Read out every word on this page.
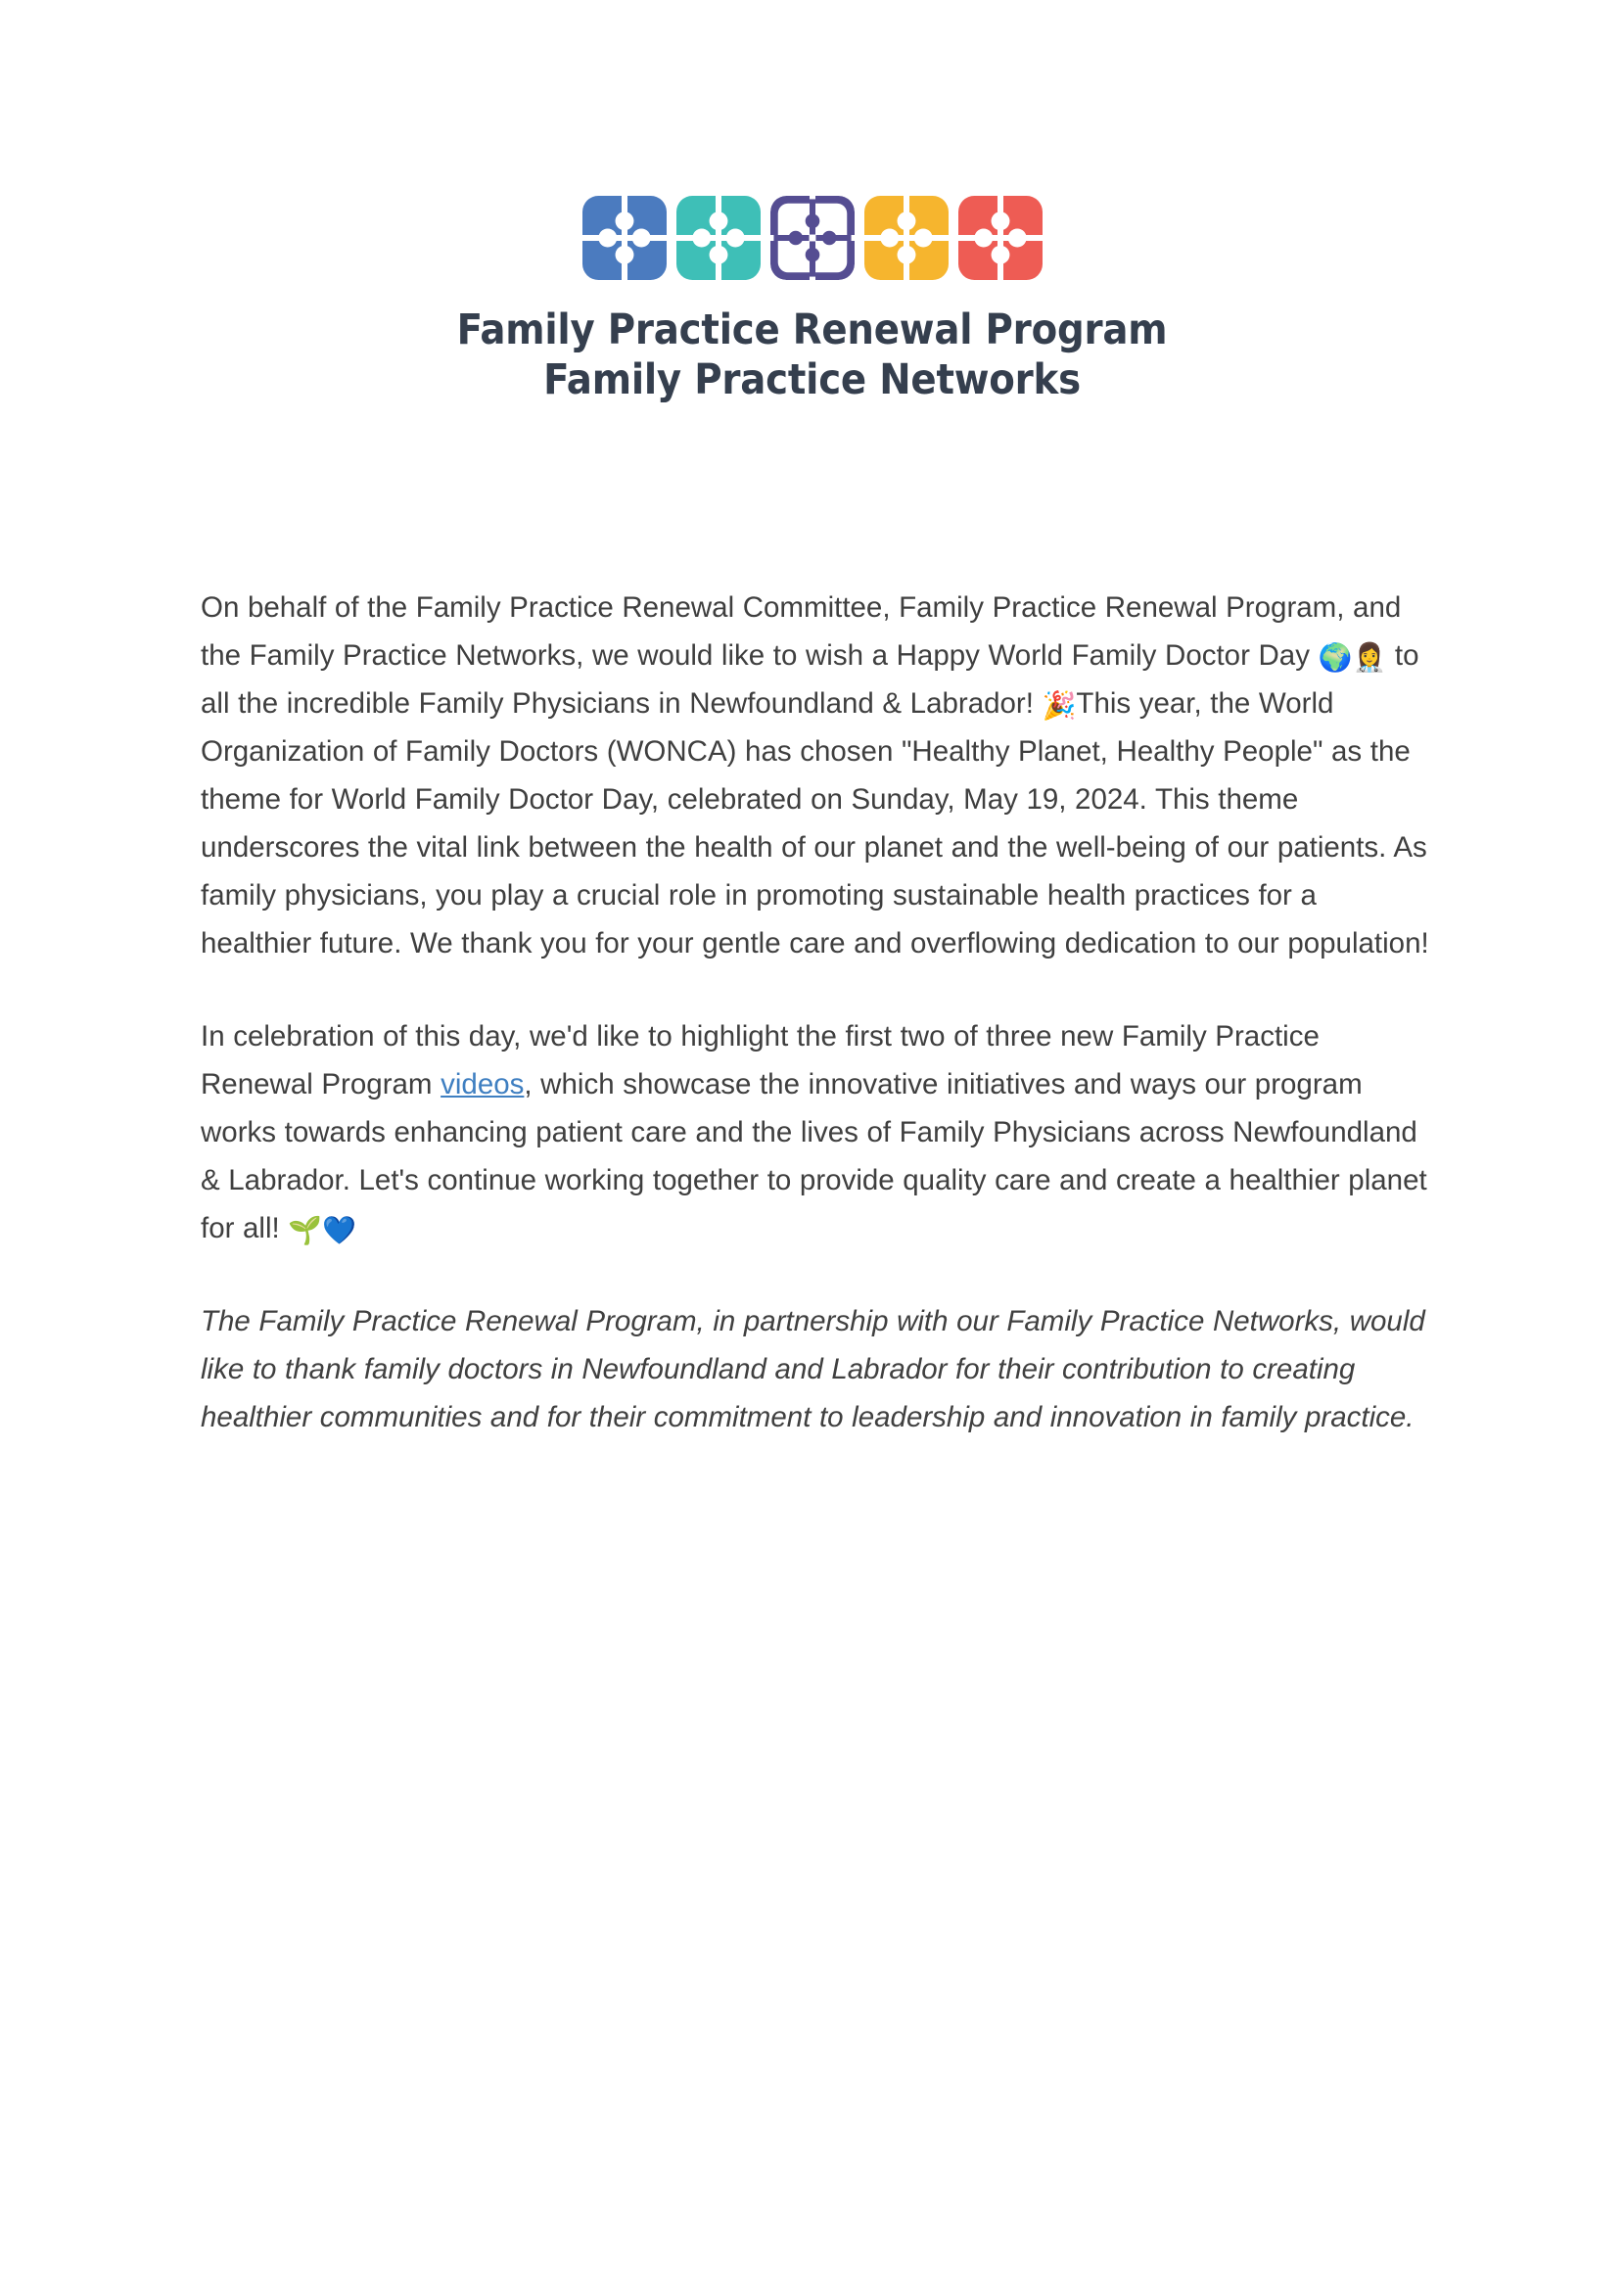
Family Practice Renewal Program
Family Practice Networks

On behalf of the Family Practice Renewal Committee, Family Practice Renewal Program, and the Family Practice Networks, we would like to wish a Happy World Family Doctor Day 🌍👩‍⚕️ to all the incredible Family Physicians in Newfoundland & Labrador! 🎉This year, the World Organization of Family Doctors (WONCA) has chosen "Healthy Planet, Healthy People" as the theme for World Family Doctor Day, celebrated on Sunday, May 19, 2024. This theme underscores the vital link between the health of our planet and the well-being of our patients. As family physicians, you play a crucial role in promoting sustainable health practices for a healthier future. We thank you for your gentle care and overflowing dedication to our population!

In celebration of this day, we'd like to highlight the first two of three new Family Practice Renewal Program videos, which showcase the innovative initiatives and ways our program works towards enhancing patient care and the lives of Family Physicians across Newfoundland & Labrador. Let's continue working together to provide quality care and create a healthier planet for all! 🌱💙

The Family Practice Renewal Program, in partnership with our Family Practice Networks, would like to thank family doctors in Newfoundland and Labrador for their contribution to creating healthier communities and for their commitment to leadership and innovation in family practice.
